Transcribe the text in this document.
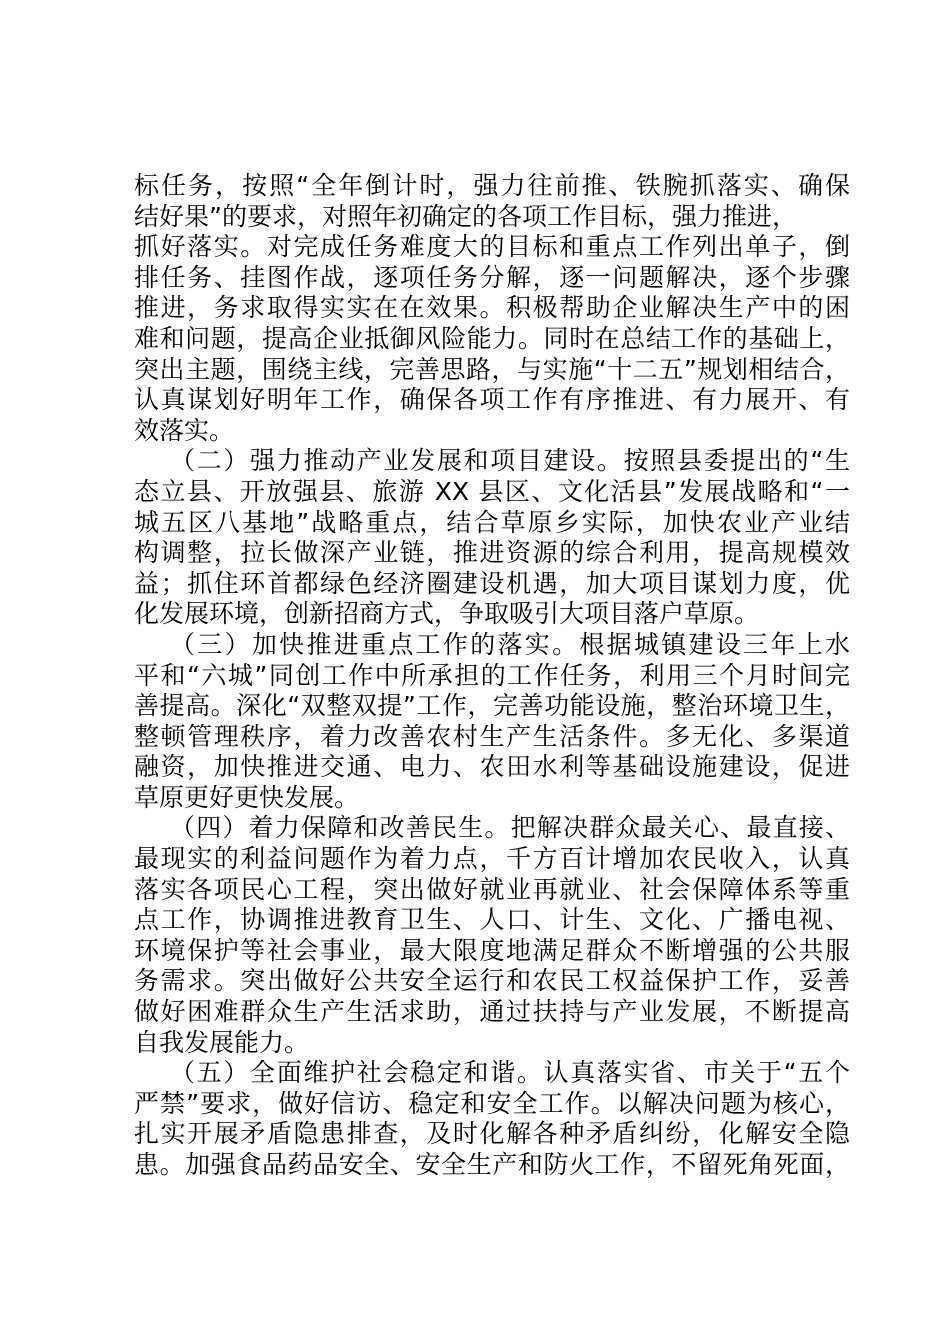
标任务，按照“全年倒计时，强力往前推、铁腕抓落实、确保
结好果”的要求，对照年初确定的各项工作目标，强力推进，
抓好落实。对完成任务难度大的目标和重点工作列出单子，倒
排任务、挂图作战，逐项任务分解，逐一问题解决，逐个步骤
推进，务求取得实实在在效果。积极帮助企业解决生产中的困
难和问题，提高企业抵御风险能力。同时在总结工作的基础上，
突出主题，围绕主线，完善思路，与实施“十二五”规划相结合，
认真谋划好明年工作，确保各项工作有序推进、有力展开、有
效落实。
（二）强力推动产业发展和项目建设。按照县委提出的“生
态立县、开放强县、旅游 XX 县区、文化活县”发展战略和“一
城五区八基地”战略重点，结合草原乡实际，加快农业产业结
构调整，拉长做深产业链，推进资源的综合利用，提高规模效
益；抓住环首都绿色经济圈建设机遇，加大项目谋划力度，优
化发展环境，创新招商方式，争取吸引大项目落户草原。
（三）加快推进重点工作的落实。根据城镇建设三年上水
平和“六城”同创工作中所承担的工作任务，利用三个月时间完
善提高。深化“双整双提”工作，完善功能设施，整治环境卫生，
整顿管理秩序，着力改善农村生产生活条件。多无化、多渠道
融资，加快推进交通、电力、农田水利等基础设施建设，促进
草原更好更快发展。
（四）着力保障和改善民生。把解决群众最关心、最直接、
最现实的利益问题作为着力点，千方百计增加农民收入，认真
落实各项民心工程，突出做好就业再就业、社会保障体系等重
点工作，协调推进教育卫生、人口、计生、文化、广播电视、
环境保护等社会事业，最大限度地满足群众不断增强的公共服
务需求。突出做好公共安全运行和农民工权益保护工作，妥善
做好困难群众生产生活求助，通过扶持与产业发展，不断提高
自我发展能力。
（五）全面维护社会稳定和谐。认真落实省、市关于“五个
严禁”要求，做好信访、稳定和安全工作。以解决问题为核心，
扎实开展矛盾隐患排查，及时化解各种矛盾纠纷，化解安全隐
患。加强食品药品安全、安全生产和防火工作，不留死角死面，
